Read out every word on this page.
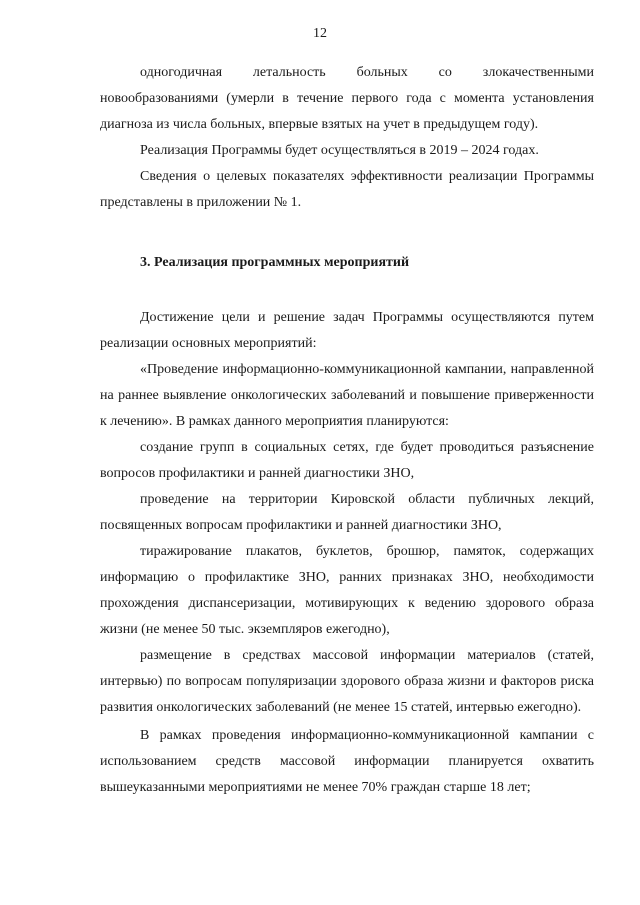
12

одногодичная летальность больных со злокачественными новообразованиями (умерли в течение первого года с момента установления диагноза из числа больных, впервые взятых на учет в предыдущем году).

Реализация Программы будет осуществляться в 2019 – 2024 годах.

Сведения о целевых показателях эффективности реализации Программы представлены в приложении № 1.

3. Реализация программных мероприятий

Достижение цели и решение задач Программы осуществляются путем реализации основных мероприятий:

«Проведение информационно-коммуникационной кампании, направленной на раннее выявление онкологических заболеваний и повышение приверженности к лечению». В рамках данного мероприятия планируются:

создание групп в социальных сетях, где будет проводиться разъяснение вопросов профилактики и ранней диагностики ЗНО,

проведение на территории Кировской области публичных лекций, посвященных вопросам профилактики и ранней диагностики ЗНО,

тиражирование плакатов, буклетов, брошюр, памяток, содержащих информацию о профилактике ЗНО, ранних признаках ЗНО, необходимости прохождения диспансеризации, мотивирующих к ведению здорового образа жизни (не менее 50 тыс. экземпляров ежегодно),

размещение в средствах массовой информации материалов (статей, интервью) по вопросам популяризации здорового образа жизни и факторов риска развития онкологических заболеваний (не менее 15 статей, интервью ежегодно).

В рамках проведения информационно-коммуникационной кампании с использованием средств массовой информации планируется охватить вышеуказанными мероприятиями не менее 70% граждан старше 18 лет;
